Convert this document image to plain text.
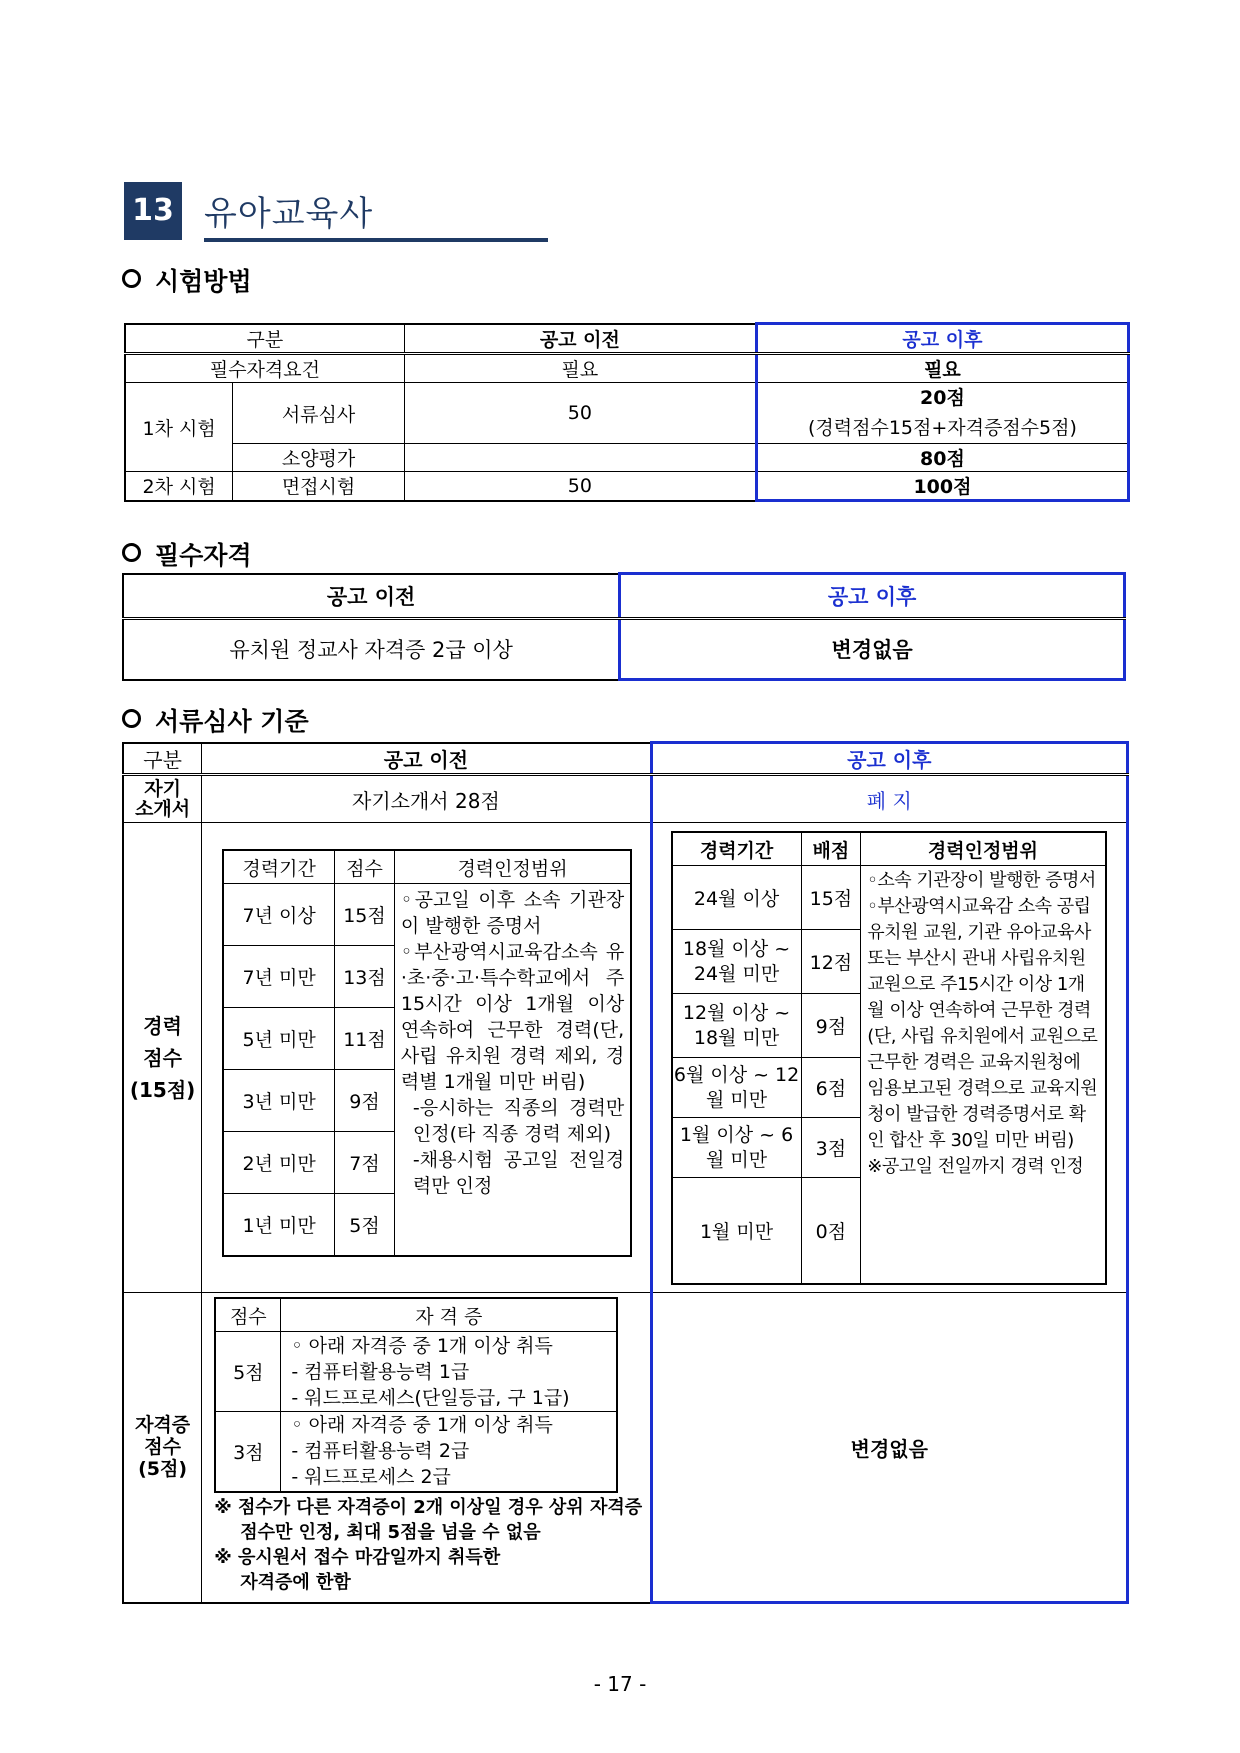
13 유아교육사
시험방법
구분		공고 이전	공고 이후
필수자격요건		필요	필요
1차 시험	서류심사	50	20점
(경력점수15점+자격증점수5점)

	소양평가		80점
2차 시험	면접시험	50	100점
필수자격
공고 이전	공고 이후
유치원 정교사 자격증 2급 이상	변경없음
서류심사 기준
구분	공고 이전	공고 이후

자기
소개서	자기소개서 28점	폐 지

경력
점수
(15점)

경력기간	점수	경력인정범위
7년 이상	15점	
◦공고일 이후 소속 기관장이 발행한 증명서
◦부산광역시교육감소속 유·초·중·고·특수학교에서 주 15시간 이상 1개월 이상 연속하여 근무한 경력(단, 사립 유치원 경력 제외, 경력별 1개월 미만 버림)
-응시하는 직종의 경력만 인정(타 직종 경력 제외)
-채용시험 공고일 전일경력만 인정

7년 미만	13점
5년 미만	11점
3년 미만	9점
2년 미만	7점
1년 미만	5점

경력기간	배점	경력인정범위
24월 이상	15점	
◦소속 기관장이 발행한 증명서
◦부산광역시교육감 소속 공립 유치원 교원, 기관 유아교육사 또는 부산시 관내 사립유치원 교원으로 주15시간 이상 1개월 이상 연속하여 근무한 경력 (단, 사립 유치원에서 교원으로 근무한 경력은 교육지원청에 임용보고된 경력으로 교육지원청이 발급한 경력증명서로 확인 합산 후 30일 미만 버림)
※공고일 전일까지 경력 인정

18월 이상 ~ 24월 미만	12점
12월 이상 ~ 18월 미만	9점
6월 이상 ~ 12월 미만	6점
1월 이상 ~ 6월 미만	3점
1월 미만	0점

자격증
점수
(5점)

점수	자 격 증
5점	
◦ 아래 자격증 중 1개 이상 취득
- 컴퓨터활용능력 1급
- 워드프로세스(단일등급, 구 1급)

3점	
◦ 아래 자격증 중 1개 이상 취득
- 컴퓨터활용능력 2급
- 워드프로세스 2급
※ 점수가 다른 자격증이 2개 이상일 경우 상위 자격증
점수만 인정, 최대 5점을 넘을 수 없음
※ 응시원서 접수 마감일까지 취득한
자격증에 한함
	변경없음
- 17 -
